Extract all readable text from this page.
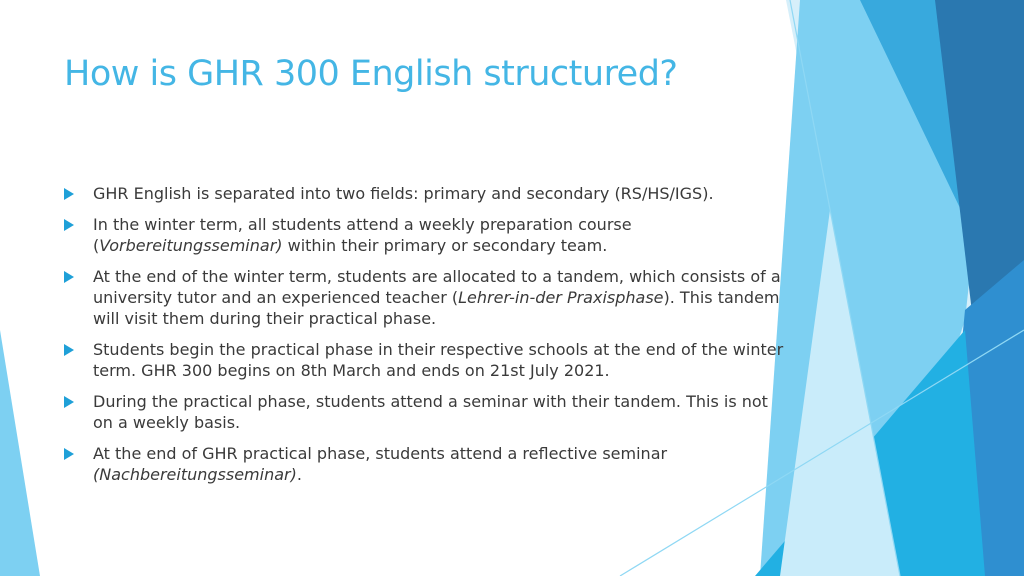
How is GHR 300 English structured?
GHR English is separated into two fields: primary and secondary (RS/HS/IGS).
In the winter term, all students attend a weekly preparation course (Vorbereitungsseminar) within their primary or secondary team.
At the end of the winter term, students are allocated to a tandem, which consists of a university tutor and an experienced teacher (Lehrer-in-der Praxisphase). This tandem will visit them during their practical phase.
Students begin the practical phase in their respective schools at the end of the winter term. GHR 300 begins on 8th March and ends on 21st July 2021.
During the practical phase, students attend a seminar with their tandem. This is not on a weekly basis.
At the end of GHR practical phase, students attend a reflective seminar (Nachbereitungsseminar).
